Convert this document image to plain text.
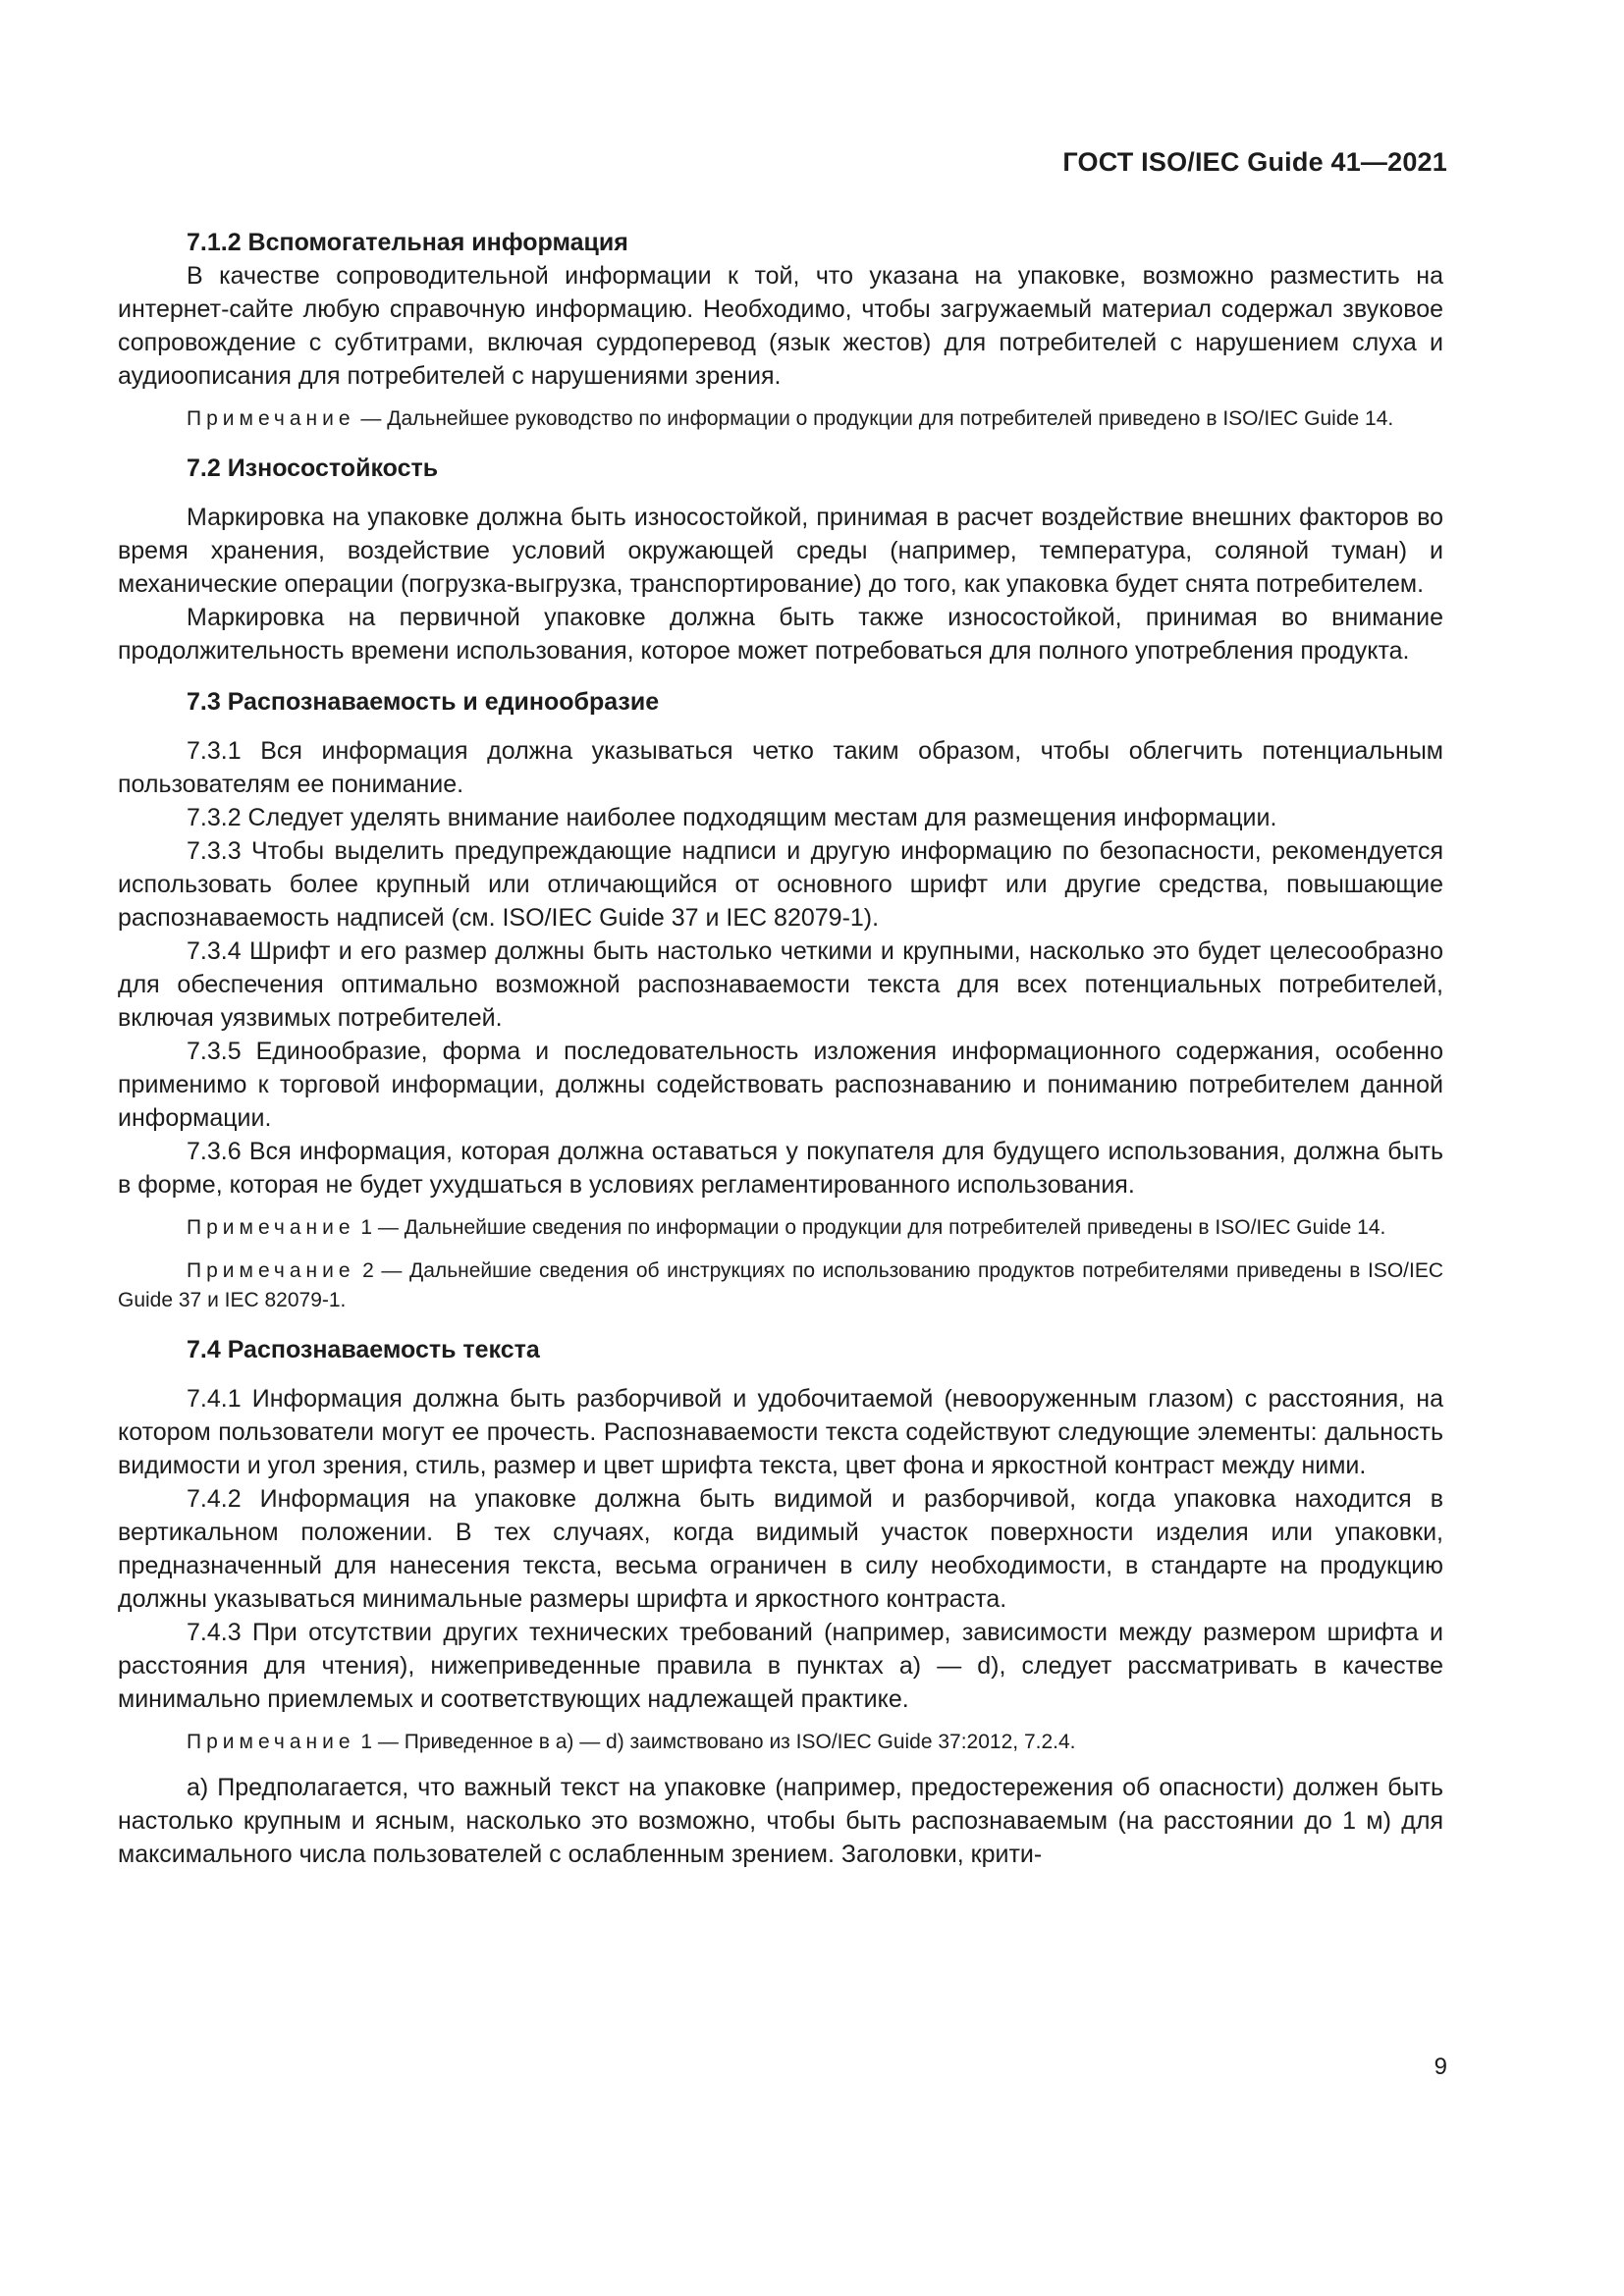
ГОСТ ISO/IEC Guide 41—2021

7.1.2 Вспомогательная информация

В качестве сопроводительной информации к той, что указана на упаковке, возможно разместить на интернет-сайте любую справочную информацию. Необходимо, чтобы загружаемый материал содержал звуковое сопровождение с субтитрами, включая сурдоперевод (язык жестов) для потребителей с нарушением слуха и аудиоописания для потребителей с нарушениями зрения.

Примечание — Дальнейшее руководство по информации о продукции для потребителей приведено в ISO/IEC Guide 14.

7.2 Износостойкость

Маркировка на упаковке должна быть износостойкой, принимая в расчет воздействие внешних факторов во время хранения, воздействие условий окружающей среды (например, температура, соляной туман) и механические операции (погрузка-выгрузка, транспортирование) до того, как упаковка будет снята потребителем.

Маркировка на первичной упаковке должна быть также износостойкой, принимая во внимание продолжительность времени использования, которое может потребоваться для полного употребления продукта.

7.3 Распознаваемость и единообразие

7.3.1 Вся информация должна указываться четко таким образом, чтобы облегчить потенциальным пользователям ее понимание.

7.3.2 Следует уделять внимание наиболее подходящим местам для размещения информации.

7.3.3 Чтобы выделить предупреждающие надписи и другую информацию по безопасности, рекомендуется использовать более крупный или отличающийся от основного шрифт или другие средства, повышающие распознаваемость надписей (см. ISO/IEC Guide 37 и IEC 82079-1).

7.3.4 Шрифт и его размер должны быть настолько четкими и крупными, насколько это будет целесообразно для обеспечения оптимально возможной распознаваемости текста для всех потенциальных потребителей, включая уязвимых потребителей.

7.3.5 Единообразие, форма и последовательность изложения информационного содержания, особенно применимо к торговой информации, должны содействовать распознаванию и пониманию потребителем данной информации.

7.3.6 Вся информация, которая должна оставаться у покупателя для будущего использования, должна быть в форме, которая не будет ухудшаться в условиях регламентированного использования.

Примечание 1 — Дальнейшие сведения по информации о продукции для потребителей приведены в ISO/IEC Guide 14.

Примечание 2 — Дальнейшие сведения об инструкциях по использованию продуктов потребителями приведены в ISO/IEC Guide 37 и IEC 82079-1.

7.4 Распознаваемость текста

7.4.1 Информация должна быть разборчивой и удобочитаемой (невооруженным глазом) с расстояния, на котором пользователи могут ее прочесть. Распознаваемости текста содействуют следующие элементы: дальность видимости и угол зрения, стиль, размер и цвет шрифта текста, цвет фона и яркостной контраст между ними.

7.4.2 Информация на упаковке должна быть видимой и разборчивой, когда упаковка находится в вертикальном положении. В тех случаях, когда видимый участок поверхности изделия или упаковки, предназначенный для нанесения текста, весьма ограничен в силу необходимости, в стандарте на продукцию должны указываться минимальные размеры шрифта и яркостного контраста.

7.4.3 При отсутствии других технических требований (например, зависимости между размером шрифта и расстояния для чтения), нижеприведенные правила в пунктах а) — d), следует рассматривать в качестве минимально приемлемых и соответствующих надлежащей практике.

Примечание 1 — Приведенное в а) — d) заимствовано из ISO/IEC Guide 37:2012, 7.2.4.

а) Предполагается, что важный текст на упаковке (например, предостережения об опасности) должен быть настолько крупным и ясным, насколько это возможно, чтобы быть распознаваемым (на расстоянии до 1 м) для максимального числа пользователей с ослабленным зрением. Заголовки, крити-

9
